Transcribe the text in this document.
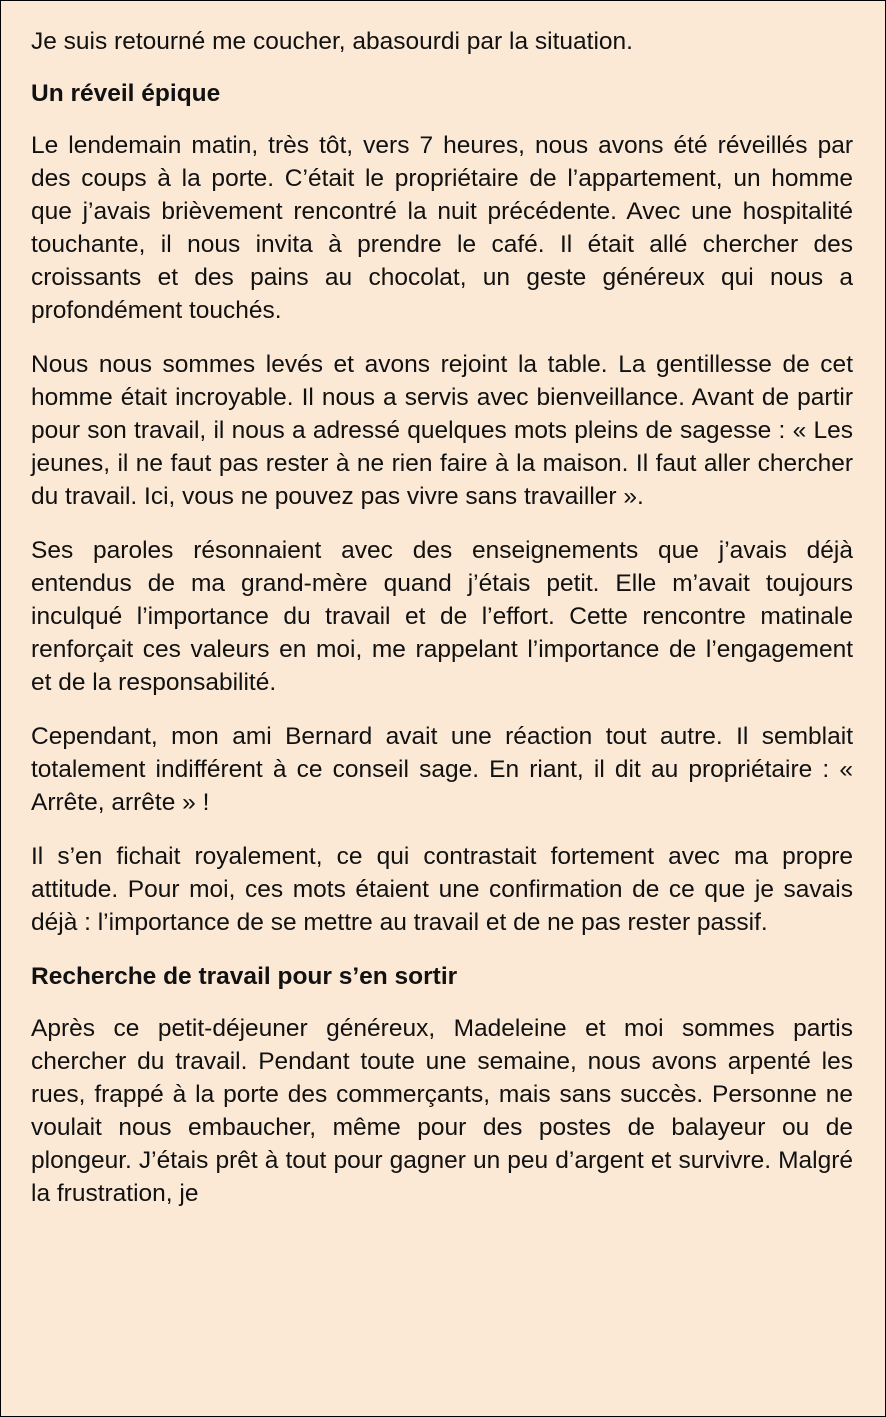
Je suis retourné me coucher, abasourdi par la situation.

Un réveil épique

Le lendemain matin, très tôt, vers 7 heures, nous avons été réveillés par des coups à la porte. C’était le propriétaire de l’appartement, un homme que j’avais brièvement rencontré la nuit précédente. Avec une hospitalité touchante, il nous invita à prendre le café. Il était allé chercher des croissants et des pains au chocolat, un geste généreux qui nous a profondément touchés.

Nous nous sommes levés et avons rejoint la table. La gentillesse de cet homme était incroyable. Il nous a servis avec bienveillance. Avant de partir pour son travail, il nous a adressé quelques mots pleins de sagesse : « Les jeunes, il ne faut pas rester à ne rien faire à la maison. Il faut aller chercher du travail. Ici, vous ne pouvez pas vivre sans travailler ».

Ses paroles résonnaient avec des enseignements que j’avais déjà entendus de ma grand-mère quand j’étais petit. Elle m’avait toujours inculqué l’importance du travail et de l’effort. Cette rencontre matinale renforçait ces valeurs en moi, me rappelant l’importance de l’engagement et de la responsabilité.

Cependant, mon ami Bernard avait une réaction tout autre. Il semblait totalement indifférent à ce conseil sage. En riant, il dit au propriétaire : « Arrête, arrête » !

Il s’en fichait royalement, ce qui contrastait fortement avec ma propre attitude. Pour moi, ces mots étaient une confirmation de ce que je savais déjà : l’importance de se mettre au travail et de ne pas rester passif.

Recherche de travail pour s’en sortir

Après ce petit-déjeuner généreux, Madeleine et moi sommes partis chercher du travail. Pendant toute une semaine, nous avons arpenté les rues, frappé à la porte des commerçants, mais sans succès. Personne ne voulait nous embaucher, même pour des postes de balayeur ou de plongeur. J’étais prêt à tout pour gagner un peu d’argent et survivre. Malgré la frustration, je
